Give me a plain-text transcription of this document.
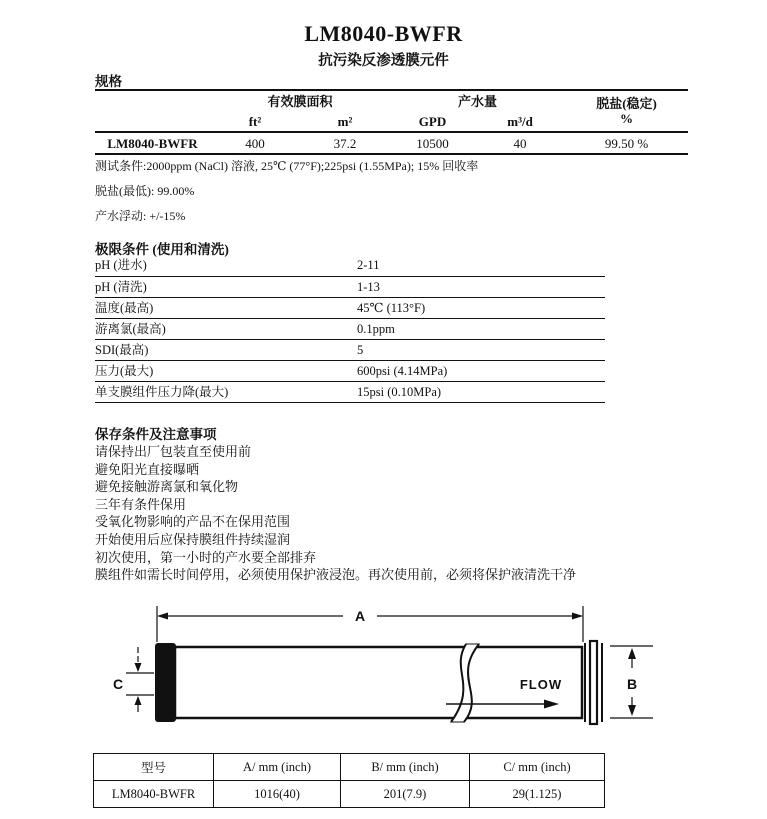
LM8040-BWFR
抗污染反渗透膜元件
规格
	有效膜面积		产水量		脱盐(稳定)
%

	ft²	m²	GPD	m³/d	
LM8040-BWFR	400	37.2	10500	40	99.50 %
测试条件:2000ppm (NaCl) 溶液, 25℃ (77°F);225psi (1.55MPa); 15% 回收率
脱盐(最低): 99.00%
产水浮动: +/-15%
极限条件 (使用和清洗)
pH (进水)	2-11
pH (清洗)	1-13
温度(最高)	45℃ (113°F)
游离氯(最高)	0.1ppm
SDI(最高)	5
压力(最大)	600psi (4.14MPa)
单支膜组件压力降(最大)	15psi (0.10MPa)
保存条件及注意事项
请保持出厂包装直至使用前
避免阳光直接曝晒
避免接触游离氯和氧化物
三年有条件保用
受氧化物影响的产品不在保用范围
开始使用后应保持膜组件持续湿润
初次使用，第一小时的产水要全部排弃
膜组件如需长时间停用，必须使用保护液浸泡。再次使用前，必须将保护液清洗干净
A
FLOW	B
C
型号	A/ mm (inch)	B/ mm (inch)	C/ mm (inch)
LM8040-BWFR	1016(40)	201(7.9)	29(1.125)
